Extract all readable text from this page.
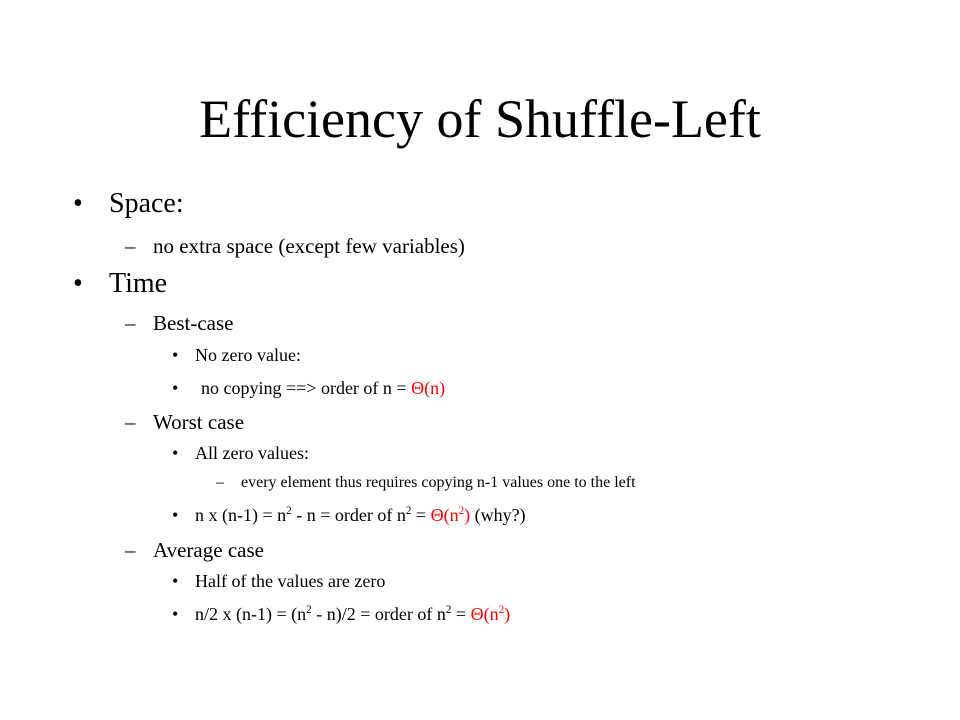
Efficiency of Shuffle-Left
• Space:
– no extra space (except few variables)
• Time
– Best-case
• No zero value:
• no copying ==> order of n = Θ(n)
– Worst case
• All zero values:
– every element thus requires copying n-1 values one to the left
• n x $(n-1) = n^2 - n$ = order of $n^2 = \Theta(n^2)$ (why?)
– Average case
• Half of the values are zero
• n/2 x $(n-1) = (n^2 - n)/2$ = order of $n^2 = \Theta(n^2)$
